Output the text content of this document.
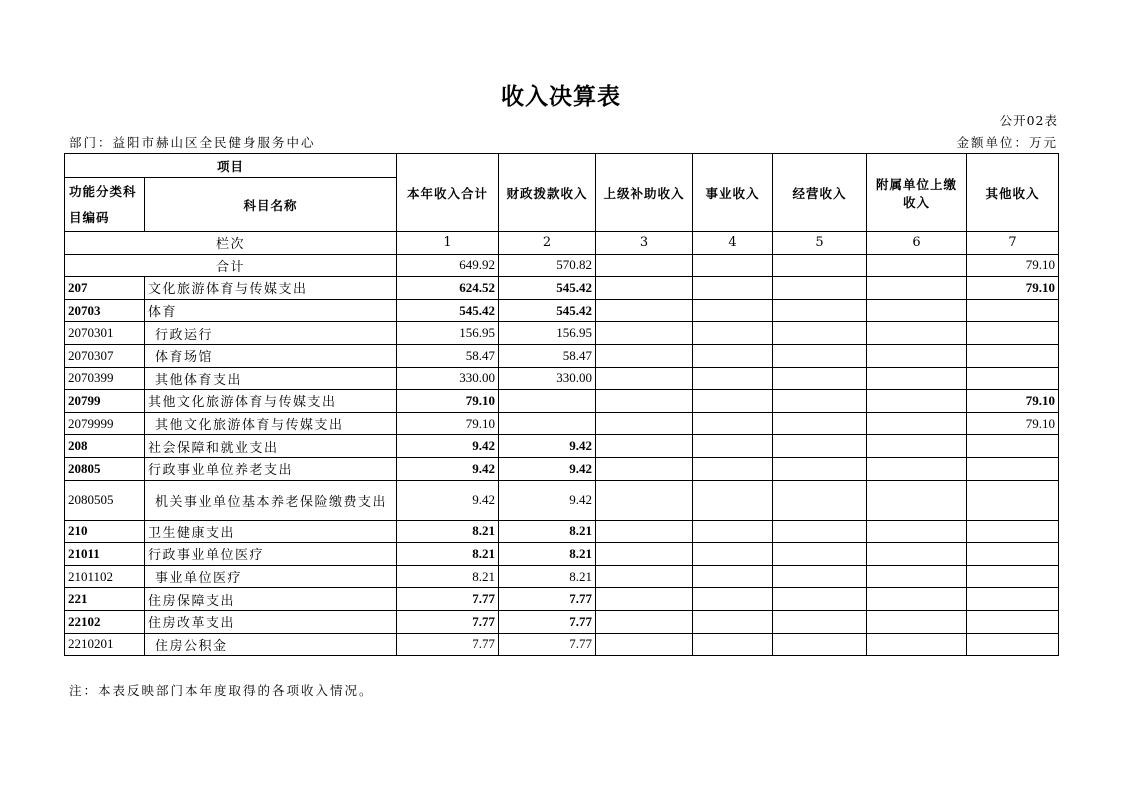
收入决算表
公开02表
部门：益阳市赫山区全民健身服务中心	金额单位：万元
项目		本年收入合计	财政拨款收入	上级补助收入	事业收入	经营收入	附属单位上缴收入	其他收入
功能分类科目编码	科目名称							
栏次		1	2	3	4	5	6	7
合计		649.92	570.82					79.10
207	文化旅游体育与传媒支出	624.52	545.42					79.10
20703	体育	545.42	545.42					
2070301	行政运行	156.95	156.95					
2070307	体育场馆	58.47	58.47					
2070399	其他体育支出	330.00	330.00					
20799	其他文化旅游体育与传媒支出	79.10						79.10
2079999	其他文化旅游体育与传媒支出	79.10						79.10
208	社会保障和就业支出	9.42	9.42					
20805	行政事业单位养老支出	9.42	9.42					
2080505	机关事业单位基本养老保险缴费支出	9.42	9.42					
210	卫生健康支出	8.21	8.21					
21011	行政事业单位医疗	8.21	8.21					
2101102	事业单位医疗	8.21	8.21					
221	住房保障支出	7.77	7.77					
22102	住房改革支出	7.77	7.77					
2210201	住房公积金	7.77	7.77					
注：本表反映部门本年度取得的各项收入情况。
